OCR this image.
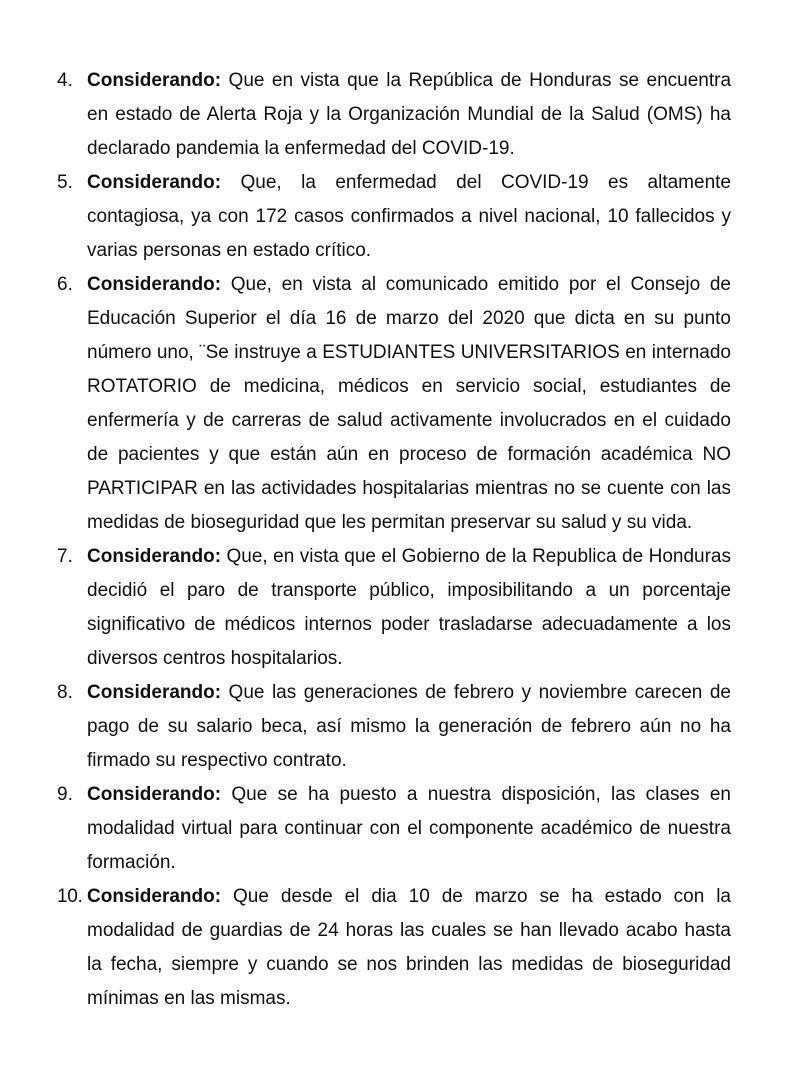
4. Considerando: Que en vista que la República de Honduras se encuentra en estado de Alerta Roja y la Organización Mundial de la Salud (OMS) ha declarado pandemia la enfermedad del COVID-19.
5. Considerando: Que, la enfermedad del COVID-19 es altamente contagiosa, ya con 172 casos confirmados a nivel nacional, 10 fallecidos y varias personas en estado crítico.
6. Considerando: Que, en vista al comunicado emitido por el Consejo de Educación Superior el día 16 de marzo del 2020 que dicta en su punto número uno, ¨Se instruye a ESTUDIANTES UNIVERSITARIOS en internado ROTATORIO de medicina, médicos en servicio social, estudiantes de enfermería y de carreras de salud activamente involucrados en el cuidado de pacientes y que están aún en proceso de formación académica NO PARTICIPAR en las actividades hospitalarias mientras no se cuente con las medidas de bioseguridad que les permitan preservar su salud y su vida.
7. Considerando: Que, en vista que el Gobierno de la Republica de Honduras decidió el paro de transporte público, imposibilitando a un porcentaje significativo de médicos internos poder trasladarse adecuadamente a los diversos centros hospitalarios.
8. Considerando: Que las generaciones de febrero y noviembre carecen de pago de su salario beca, así mismo la generación de febrero aún no ha firmado su respectivo contrato.
9. Considerando: Que se ha puesto a nuestra disposición, las clases en modalidad virtual para continuar con el componente académico de nuestra formación.
10. Considerando: Que desde el dia 10 de marzo se ha estado con la modalidad de guardias de 24 horas las cuales se han llevado acabo hasta la fecha, siempre y cuando se nos brinden las medidas de bioseguridad mínimas en las mismas.
